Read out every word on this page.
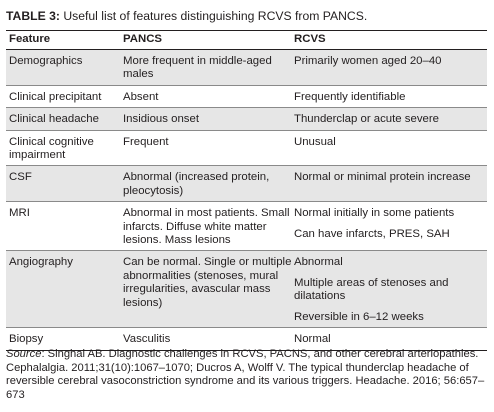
TABLE 3: Useful list of features distinguishing RCVS from PANCS.
Feature	PANCS	RCVS
Demographics	More frequent in middle-aged males	Primarily women aged 20–40

Clinical precipitant	Absent	Frequently identifiable

Clinical headache	Insidious onset	Thunderclap or acute severe

Clinical cognitive impairment	Frequent	Unusual

CSF	Abnormal (increased protein, pleocytosis)	Normal or minimal protein increase

MRI	Abnormal in most patients. Small infarcts. Diffuse white matter lesions. Mass lesions	Normal initially in some patients
Can have infarcts, PRES, SAH

Angiography	Can be normal. Single or multiple abnormalities (stenoses, mural irregularities, avascular mass lesions)	Abnormal
Multiple areas of stenoses and dilatations
Reversible in 6–12 weeks

Biopsy	Vasculitis	Normal
Source: Singhal AB. Diagnostic challenges in RCVS, PACNS, and other cerebral arteriopathies. Cephalalgia. 2011;31(10):1067–1070; Ducros A, Wolff V. The typical thunderclap headache of reversible cerebral vasoconstriction syndrome and its various triggers. Headache. 2016; 56:657–673
